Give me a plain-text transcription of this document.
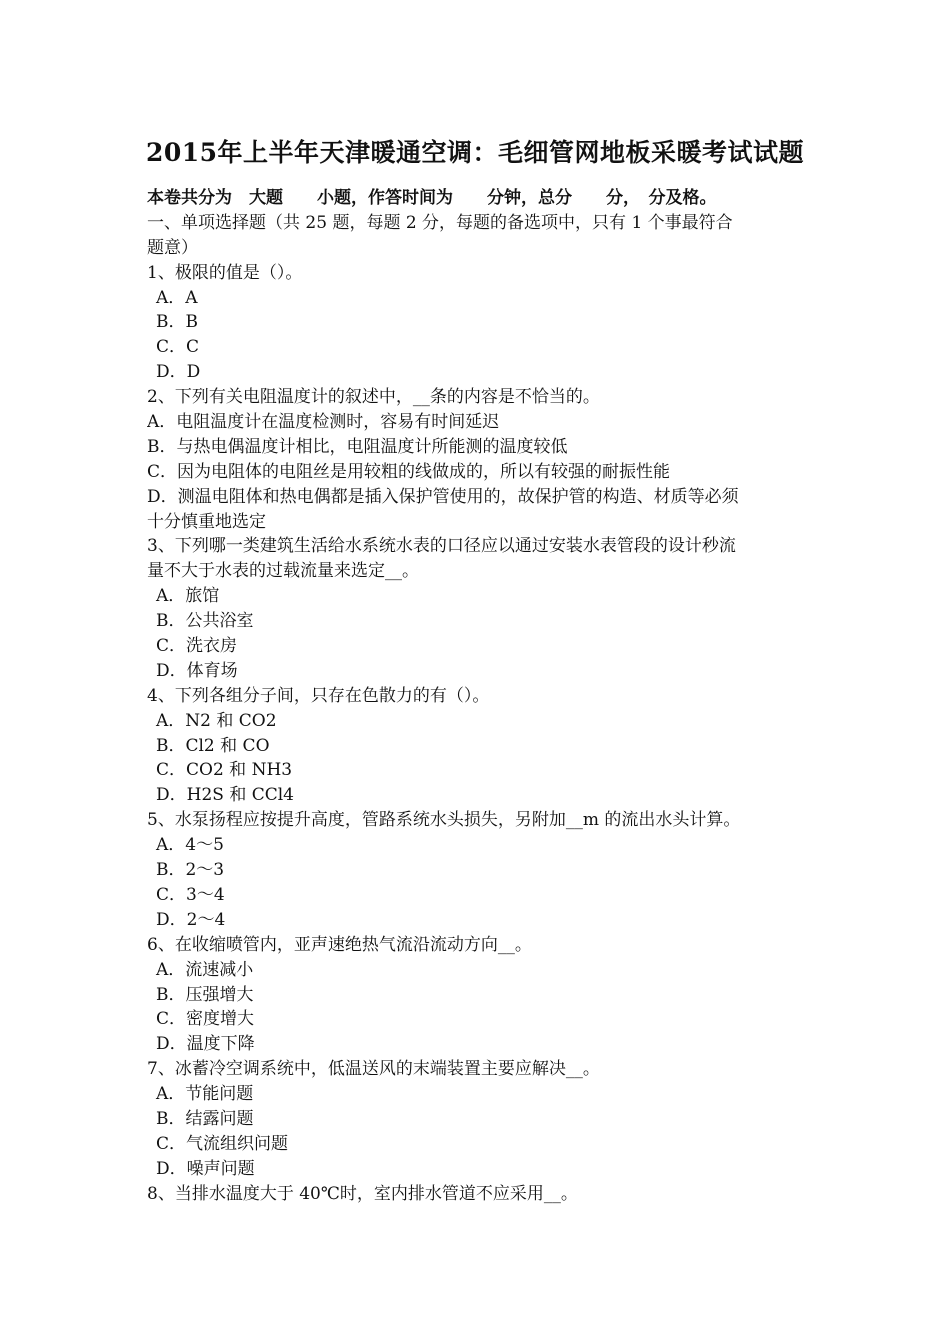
2015年上半年天津暖通空调：毛细管网地板采暖考试试题
本卷共分为　大题　　小题，作答时间为　　分钟，总分　　分，　分及格。
一、单项选择题（共 25 题，每题 2 分，每题的备选项中，只有 1 个事最符合
题意）
1、极限的值是（）。
A．A
B．B
C．C
D．D
2、下列有关电阻温度计的叙述中，__条的内容是不恰当的。
A．电阻温度计在温度检测时，容易有时间延迟
B．与热电偶温度计相比，电阻温度计所能测的温度较低
C．因为电阻体的电阻丝是用较粗的线做成的，所以有较强的耐振性能
D．测温电阻体和热电偶都是插入保护管使用的，故保护管的构造、材质等必须
十分慎重地选定
3、下列哪一类建筑生活给水系统水表的口径应以通过安装水表管段的设计秒流
量不大于水表的过载流量来选定__。
A．旅馆
B．公共浴室
C．洗衣房
D．体育场
4、下列各组分子间，只存在色散力的有（）。
A．N2 和 CO2
B．Cl2 和 CO
C．CO2 和 NH3
D．H2S 和 CCl4
5、水泵扬程应按提升高度，管路系统水头损失，另附加__m 的流出水头计算。
A．4～5
B．2～3
C．3～4
D．2～4
6、在收缩喷管内，亚声速绝热气流沿流动方向__。
A．流速减小
B．压强增大
C．密度增大
D．温度下降
7、冰蓄冷空调系统中，低温送风的末端装置主要应解决__。
A．节能问题
B．结露问题
C．气流组织问题
D．噪声问题
8、当排水温度大于 40℃时，室内排水管道不应采用__。
